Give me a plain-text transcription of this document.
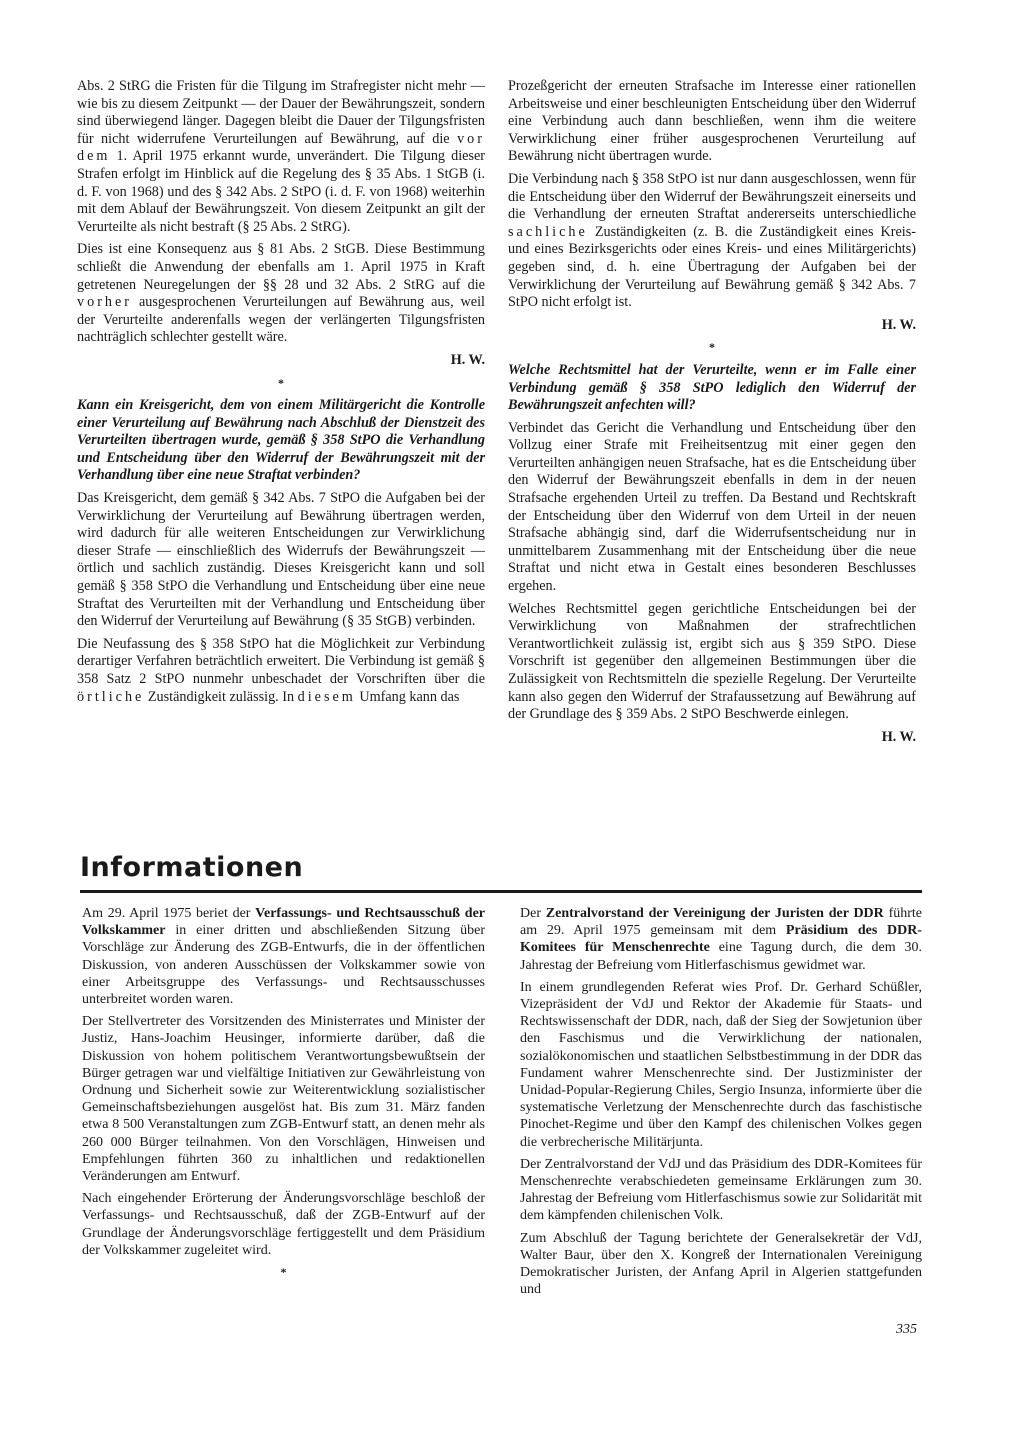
Abs. 2 StRG die Fristen für die Tilgung im Strafregister nicht mehr — wie bis zu diesem Zeitpunkt — der Dauer der Bewährungszeit, sondern sind überwiegend länger. Dagegen bleibt die Dauer der Tilgungsfristen für nicht widerrufene Verurteilungen auf Bewährung, auf die vor dem 1. April 1975 erkannt wurde, unverändert. Die Tilgung dieser Strafen erfolgt im Hinblick auf die Regelung des § 35 Abs. 1 StGB (i. d. F. von 1968) und des § 342 Abs. 2 StPO (i. d. F. von 1968) weiterhin mit dem Ablauf der Bewährungszeit. Von diesem Zeitpunkt an gilt der Verurteilte als nicht bestraft (§ 25 Abs. 2 StRG).

Dies ist eine Konsequenz aus § 81 Abs. 2 StGB. Diese Bestimmung schließt die Anwendung der ebenfalls am 1. April 1975 in Kraft getretenen Neuregelungen der §§ 28 und 32 Abs. 2 StRG auf die vorher ausgesprochenen Verurteilungen auf Bewährung aus, weil der Verurteilte anderenfalls wegen der verlängerten Tilgungsfristen nachträglich schlechter gestellt wäre.

H. W.

*

Kann ein Kreisgericht, dem von einem Militärgericht die Kontrolle einer Verurteilung auf Bewährung nach Abschluß der Dienstzeit des Verurteilten übertragen wurde, gemäß § 358 StPO die Verhandlung und Entscheidung über den Widerruf der Bewährungszeit mit der Verhandlung über eine neue Straftat verbinden?

Das Kreisgericht, dem gemäß § 342 Abs. 7 StPO die Aufgaben bei der Verwirklichung der Verurteilung auf Bewährung übertragen werden, wird dadurch für alle weiteren Entscheidungen zur Verwirklichung dieser Strafe — einschließlich des Widerrufs der Bewährungszeit — örtlich und sachlich zuständig. Dieses Kreisgericht kann und soll gemäß § 358 StPO die Verhandlung und Entscheidung über eine neue Straftat des Verurteilten mit der Verhandlung und Entscheidung über den Widerruf der Verurteilung auf Bewährung (§ 35 StGB) verbinden.

Die Neufassung des § 358 StPO hat die Möglichkeit zur Verbindung derartiger Verfahren beträchtlich erweitert. Die Verbindung ist gemäß § 358 Satz 2 StPO nunmehr unbeschadet der Vorschriften über die örtliche Zuständigkeit zulässig. In diesem Umfang kann das

Prozeßgericht der erneuten Strafsache im Interesse einer rationellen Arbeitsweise und einer beschleunigten Entscheidung über den Widerruf eine Verbindung auch dann beschließen, wenn ihm die weitere Verwirklichung einer früher ausgesprochenen Verurteilung auf Bewährung nicht übertragen wurde.

Die Verbindung nach § 358 StPO ist nur dann ausgeschlossen, wenn für die Entscheidung über den Widerruf der Bewährungszeit einerseits und die Verhandlung der erneuten Straftat andererseits unterschiedliche sachliche Zuständigkeiten (z. B. die Zuständigkeit eines Kreis- und eines Bezirksgerichts oder eines Kreis- und eines Militärgerichts) gegeben sind, d. h. eine Übertragung der Aufgaben bei der Verwirklichung der Verurteilung auf Bewährung gemäß § 342 Abs. 7 StPO nicht erfolgt ist.

H. W.

*

Welche Rechtsmittel hat der Verurteilte, wenn er im Falle einer Verbindung gemäß § 358 StPO lediglich den Widerruf der Bewährungszeit anfechten will?

Verbindet das Gericht die Verhandlung und Entscheidung über den Vollzug einer Strafe mit Freiheitsentzug mit einer gegen den Verurteilten anhängigen neuen Strafsache, hat es die Entscheidung über den Widerruf der Bewährungszeit ebenfalls in dem in der neuen Strafsache ergehenden Urteil zu treffen. Da Bestand und Rechtskraft der Entscheidung über den Widerruf von dem Urteil in der neuen Strafsache abhängig sind, darf die Widerrufsentscheidung nur in unmittelbarem Zusammenhang mit der Entscheidung über die neue Straftat und nicht etwa in Gestalt eines besonderen Beschlusses ergehen.

Welches Rechtsmittel gegen gerichtliche Entscheidungen bei der Verwirklichung von Maßnahmen der strafrechtlichen Verantwortlichkeit zulässig ist, ergibt sich aus § 359 StPO. Diese Vorschrift ist gegenüber den allgemeinen Bestimmungen über die Zulässigkeit von Rechtsmitteln die spezielle Regelung. Der Verurteilte kann also gegen den Widerruf der Strafaussetzung auf Bewährung auf der Grundlage des § 359 Abs. 2 StPO Beschwerde einlegen.

H. W.

Informationen

Am 29. April 1975 beriet der Verfassungs- und Rechtsausschuß der Volkskammer in einer dritten und abschließenden Sitzung über Vorschläge zur Änderung des ZGB-Entwurfs, die in der öffentlichen Diskussion, von anderen Ausschüssen der Volkskammer sowie von einer Arbeitsgruppe des Verfassungs- und Rechtsausschusses unterbreitet worden waren.

Der Stellvertreter des Vorsitzenden des Ministerrates und Minister der Justiz, Hans-Joachim Heusinger, informierte darüber, daß die Diskussion von hohem politischem Verantwortungsbewußtsein der Bürger getragen war und vielfältige Initiativen zur Gewährleistung von Ordnung und Sicherheit sowie zur Weiterentwicklung sozialistischer Gemeinschaftsbeziehungen ausgelöst hat. Bis zum 31. März fanden etwa 8 500 Veranstaltungen zum ZGB-Entwurf statt, an denen mehr als 260 000 Bürger teilnahmen. Von den Vorschlägen, Hinweisen und Empfehlungen führten 360 zu inhaltlichen und redaktionellen Veränderungen am Entwurf.

Nach eingehender Erörterung der Änderungsvorschläge beschloß der Verfassungs- und Rechtsausschuß, daß der ZGB-Entwurf auf der Grundlage der Änderungsvorschläge fertiggestellt und dem Präsidium der Volkskammer zugeleitet wird.

*

Der Zentralvorstand der Vereinigung der Juristen der DDR führte am 29. April 1975 gemeinsam mit dem Präsidium des DDR-Komitees für Menschenrechte eine Tagung durch, die dem 30. Jahrestag der Befreiung vom Hitlerfaschismus gewidmet war.

In einem grundlegenden Referat wies Prof. Dr. Gerhard Schüßler, Vizepräsident der VdJ und Rektor der Akademie für Staats- und Rechtswissenschaft der DDR, nach, daß der Sieg der Sowjetunion über den Faschismus und die Verwirklichung der nationalen, sozialökonomischen und staatlichen Selbstbestimmung in der DDR das Fundament wahrer Menschenrechte sind. Der Justizminister der Unidad-Popular-Regierung Chiles, Sergio Insunza, informierte über die systematische Verletzung der Menschenrechte durch das faschistische Pinochet-Regime und über den Kampf des chilenischen Volkes gegen die verbrecherische Militärjunta.

Der Zentralvorstand der VdJ und das Präsidium des DDR-Komitees für Menschenrechte verabschiedeten gemeinsame Erklärungen zum 30. Jahrestag der Befreiung vom Hitlerfaschismus sowie zur Solidarität mit dem kämpfenden chilenischen Volk.

Zum Abschluß der Tagung berichtete der Generalsekretär der VdJ, Walter Baur, über den X. Kongreß der Internationalen Vereinigung Demokratischer Juristen, der Anfang April in Algerien stattgefunden und

335
